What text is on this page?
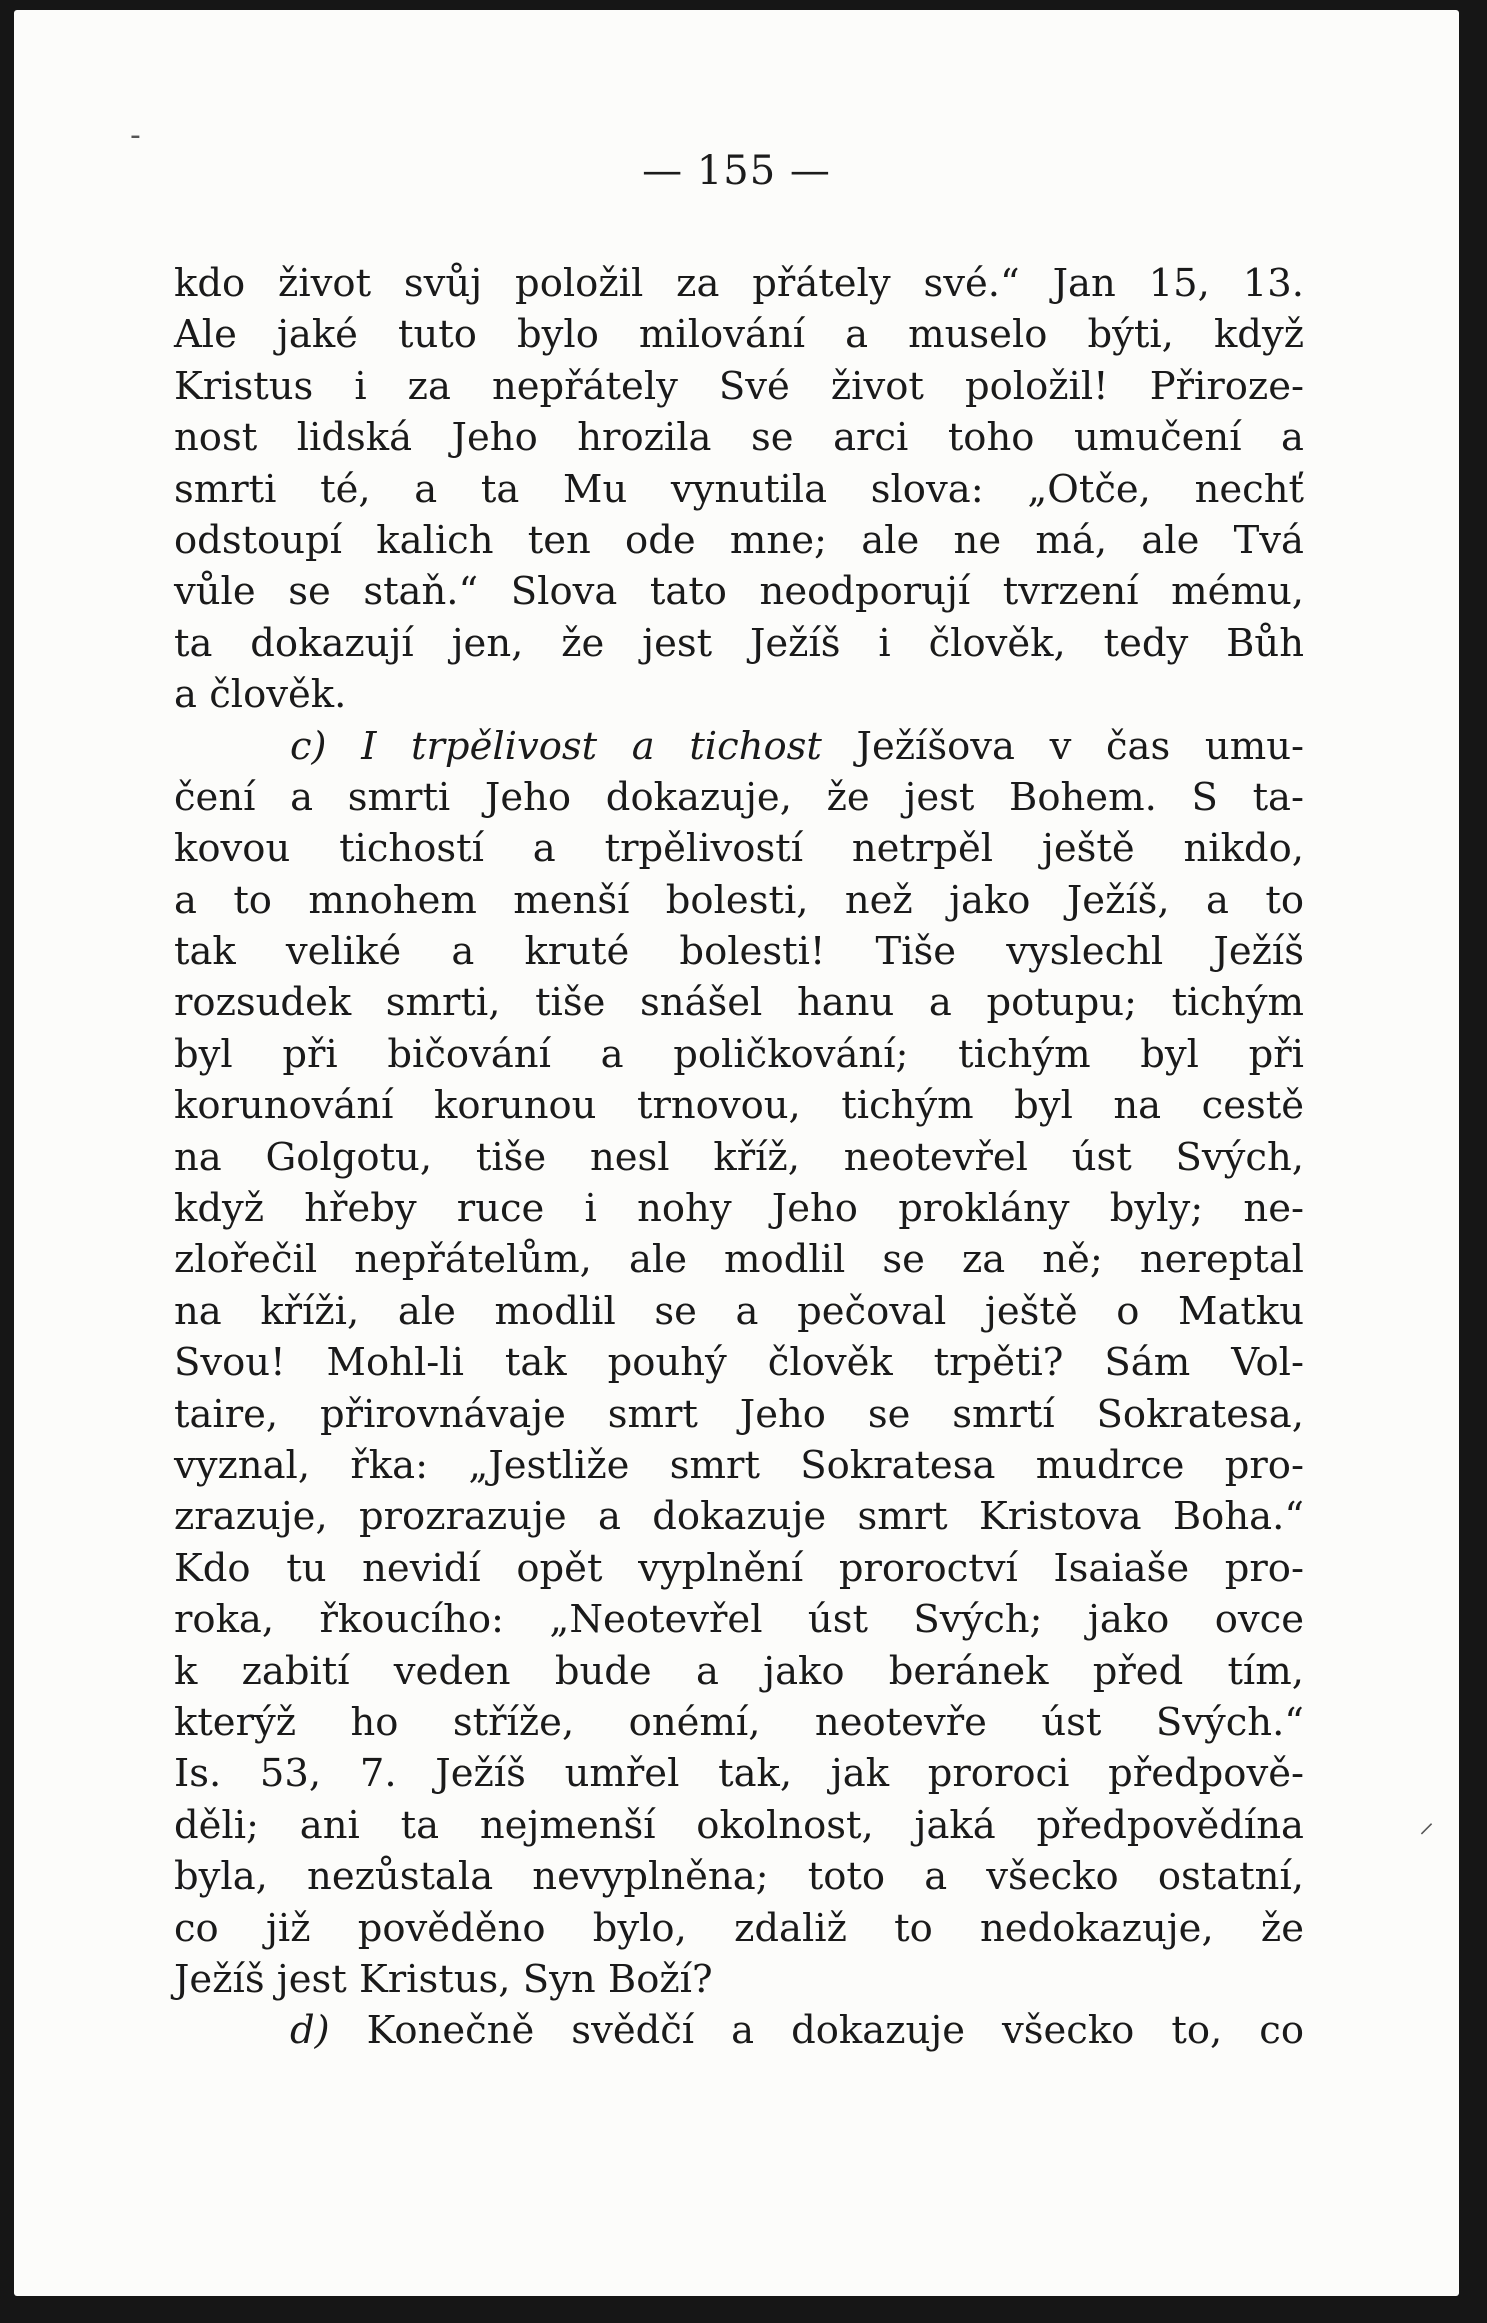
‐
⸝
— 155 —
kdo život svůj položil za přátely své.“ Jan 15, 13.
Ale jaké tuto bylo milování a muselo býti, když
Kristus i za nepřátely Své život položil! Přiroze-
nost lidská Jeho hrozila se arci toho umučení a
smrti té, a ta Mu vynutila slova: „Otče, nechť
odstoupí kalich ten ode mne; ale ne má, ale Tvá
vůle se staň.“ Slova tato neodporují tvrzení mému,
ta dokazují jen, že jest Ježíš i člověk, tedy Bůh
a člověk.
c) I trpělivost a tichost Ježíšova v čas umu-
čení a smrti Jeho dokazuje, že jest Bohem. S ta-
kovou tichostí a trpělivostí netrpěl ještě nikdo,
a to mnohem menší bolesti, než jako Ježíš, a to
tak veliké a kruté bolesti! Tiše vyslechl Ježíš
rozsudek smrti, tiše snášel hanu a potupu; tichým
byl při bičování a poličkování; tichým byl při
korunování korunou trnovou, tichým byl na cestě
na Golgotu, tiše nesl kříž, neotevřel úst Svých,
když hřeby ruce i nohy Jeho proklány byly; ne-
zlořečil nepřátelům, ale modlil se za ně; nereptal
na kříži, ale modlil se a pečoval ještě o Matku
Svou! Mohl-li tak pouhý člověk trpěti? Sám Vol-
taire, přirovnávaje smrt Jeho se smrtí Sokratesa,
vyznal, řka: „Jestliže smrt Sokratesa mudrce pro-
zrazuje, prozrazuje a dokazuje smrt Kristova Boha.“
Kdo tu nevidí opět vyplnění proroctví Isaiaše pro-
roka, řkoucího: „Neotevřel úst Svých; jako ovce
k zabití veden bude a jako beránek před tím,
kterýž ho stříže, onémí, neotevře úst Svých.“
Is. 53, 7. Ježíš umřel tak, jak proroci předpově-
děli; ani ta nejmenší okolnost, jaká předpovědína
byla, nezůstala nevyplněna; toto a všecko ostatní,
co již pověděno bylo, zdaliž to nedokazuje, že
Ježíš jest Kristus, Syn Boží?
d) Konečně svědčí a dokazuje všecko to, co
